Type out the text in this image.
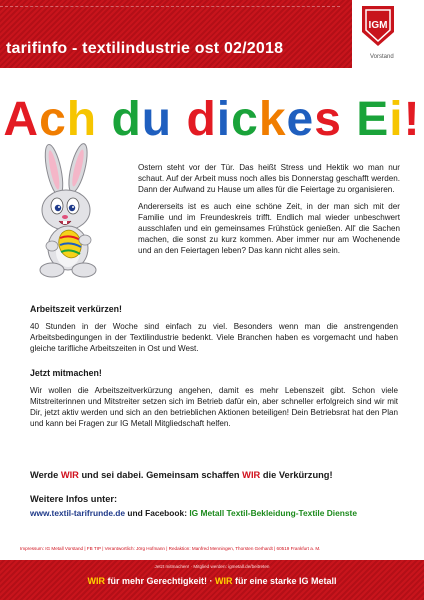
tarifinfo - textilindustrie ost 02/2018
IGM
Vorstand
Ach du dickes Ei!

Ostern steht vor der Tür. Das heißt Stress und Hektik wo man nur schaut. Auf der Arbeit muss noch alles bis Donnerstag geschafft werden. Dann der Aufwand zu Hause um alles für die Feiertage zu organisieren.

Andererseits ist es auch eine schöne Zeit, in der man sich mit der Familie und im Freundeskreis trifft. Endlich mal wieder unbeschwert ausschlafen und ein gemeinsames Frühstück genießen. All' die Sachen machen, die sonst zu kurz kommen. Aber immer nur am Wochenende und an den Feiertagen leben? Das kann nicht alles sein.

Arbeitszeit verkürzen!
40 Stunden in der Woche sind einfach zu viel. Besonders wenn man die anstrengenden Arbeitsbedingungen in der Textilindustrie bedenkt. Viele Branchen haben es vorgemacht und haben gleiche tarifliche Arbeitszeiten in Ost und West.
Jetzt mitmachen!
Wir wollen die Arbeitszeitverkürzung angehen, damit es mehr Lebenszeit gibt. Schon viele Mitstreiterinnen und Mitstreiter setzen sich im Betrieb dafür ein, aber schneller erfolgreich sind wir mit Dir, jetzt aktiv werden und sich an den betrieblichen Aktionen beteiligen! Dein Betriebsrat hat den Plan und kann bei Fragen zur IG Metall Mitgliedschaft helfen.
Werde WIR und sei dabei. Gemeinsam schaffen WIR die Verkürzung!
Weitere Infos unter:
www.textil-tarifrunde.de und Facebook: IG Metall Textil-Bekleidung-Textile Dienste
Impressum: IG Metall Vorstand | FB TIP | Verantwortlich: Jörg Hofmann | Redaktion: Manfred Menningen, Thorsten Gerhardt | 60519 Frankfurt a. M.
Jetzt mitmachen! · Mitglied werden: igmetall.de/beitreten
WIR für mehr Gerechtigkeit! · WIR für eine starke IG Metall
